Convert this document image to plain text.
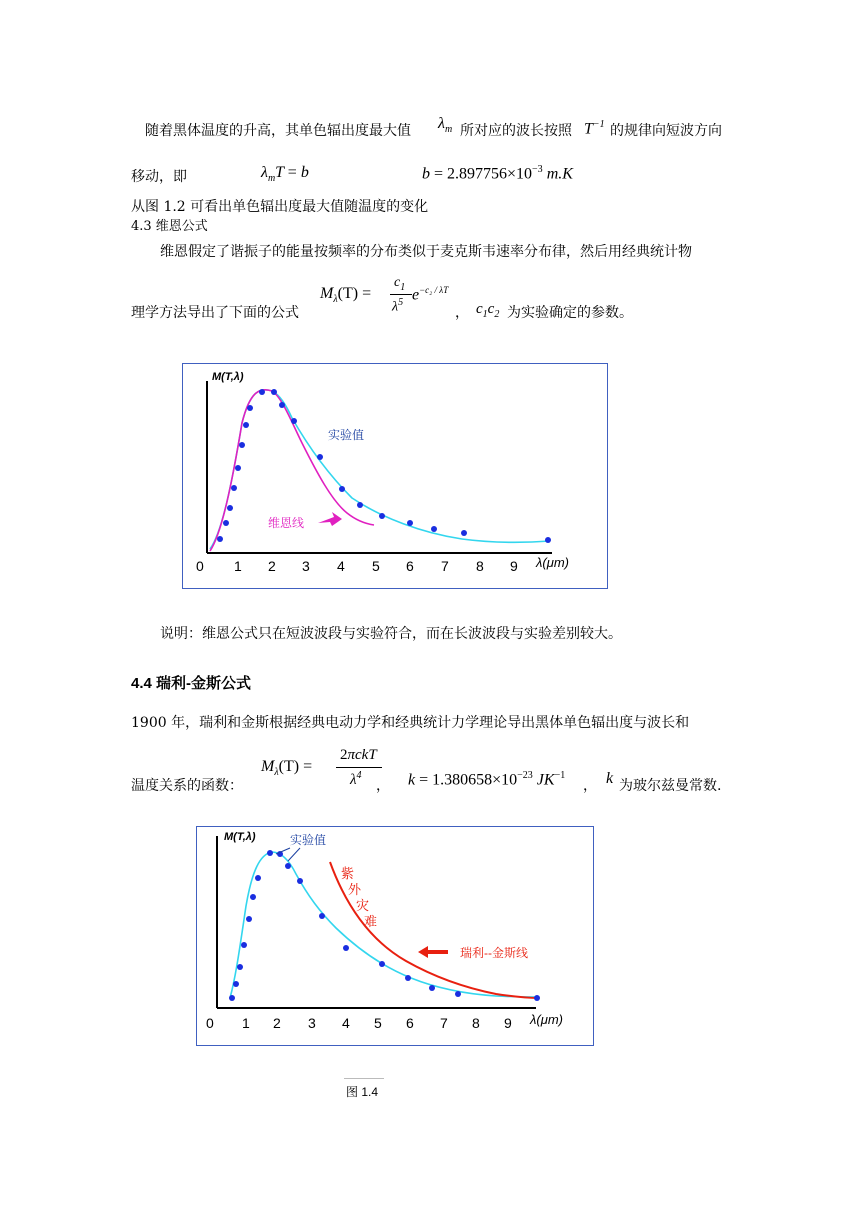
随着黑体温度的升高，其单色辐出度最大值 $\lambda_m$ 所对应的波长按照 $T^{-1}$ 的规律向短波方向
移动，即	$\lambda_mT = b$	$b = 2.897756\times 10^{-3}$ m.K
从图 1.2 可看出单色辐出度最大值随温度的变化
4.3 维恩公式
维恩假定了谐振子的能量按频率的分布类似于麦克斯韦速率分布律，然后用经典统计物
理学方法导出了下面的公式
$M_\lambda(T)$ =
$c_1$
$\lambda^5$ $e^{-c_2 / \lambda T}$
， $c_1c_2$ 为实验确定的参数。
M(T,λ)
实验值
维恩线
0 1 2 3 4 5 6 7 8 9 λ(μm)
说明：维恩公式只在短波波段与实验符合，而在长波波段与实验差别较大。
4.4 瑞利-金斯公式
1900 年，瑞利和金斯根据经典电动力学和经典统计力学理论导出黑体单色辐出度与波长和
温度关系的函数：
$M_\lambda(T)$ =
2πckT
$\lambda^4$
， $k = 1.380658\times 10^{-23}$ $JK^{-1}$
， k 为玻尔兹曼常数.
M(T,λ)	实验值
紫
外
灾
难
瑞利--金斯线
0 1 2 3 4 5 6 7 8 9 λ(μm)
图 1.4
